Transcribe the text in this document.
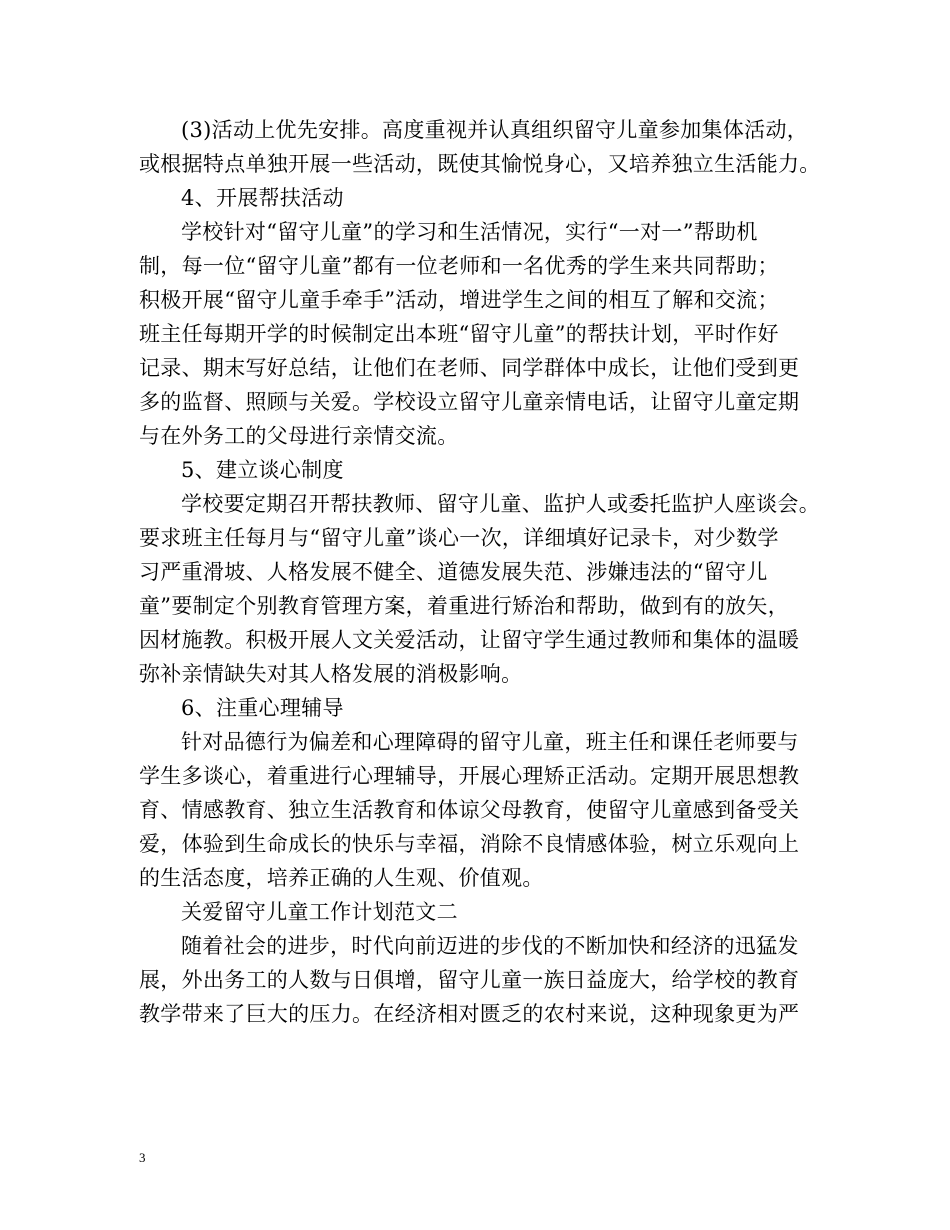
(3)活动上优先安排。高度重视并认真组织留守儿童参加集体活动，
或根据特点单独开展一些活动，既使其愉悦身心，又培养独立生活能力。
4、开展帮扶活动
学校针对“留守儿童”的学习和生活情况，实行“一对一”帮助机
制，每一位“留守儿童”都有一位老师和一名优秀的学生来共同帮助；
积极开展“留守儿童手牵手”活动，增进学生之间的相互了解和交流；
班主任每期开学的时候制定出本班“留守儿童”的帮扶计划，平时作好
记录、期末写好总结，让他们在老师、同学群体中成长，让他们受到更
多的监督、照顾与关爱。学校设立留守儿童亲情电话，让留守儿童定期
与在外务工的父母进行亲情交流。
5、建立谈心制度
学校要定期召开帮扶教师、留守儿童、监护人或委托监护人座谈会。
要求班主任每月与“留守儿童”谈心一次，详细填好记录卡，对少数学
习严重滑坡、人格发展不健全、道德发展失范、涉嫌违法的“留守儿
童”要制定个别教育管理方案，着重进行矫治和帮助，做到有的放矢，
因材施教。积极开展人文关爱活动，让留守学生通过教师和集体的温暖
弥补亲情缺失对其人格发展的消极影响。
6、注重心理辅导
针对品德行为偏差和心理障碍的留守儿童，班主任和课任老师要与
学生多谈心，着重进行心理辅导，开展心理矫正活动。定期开展思想教
育、情感教育、独立生活教育和体谅父母教育，使留守儿童感到备受关
爱，体验到生命成长的快乐与幸福，消除不良情感体验，树立乐观向上
的生活态度，培养正确的人生观、价值观。
关爱留守儿童工作计划范文二
随着社会的进步，时代向前迈进的步伐的不断加快和经济的迅猛发
展，外出务工的人数与日俱增，留守儿童一族日益庞大，给学校的教育
教学带来了巨大的压力。在经济相对匮乏的农村来说，这种现象更为严
3
